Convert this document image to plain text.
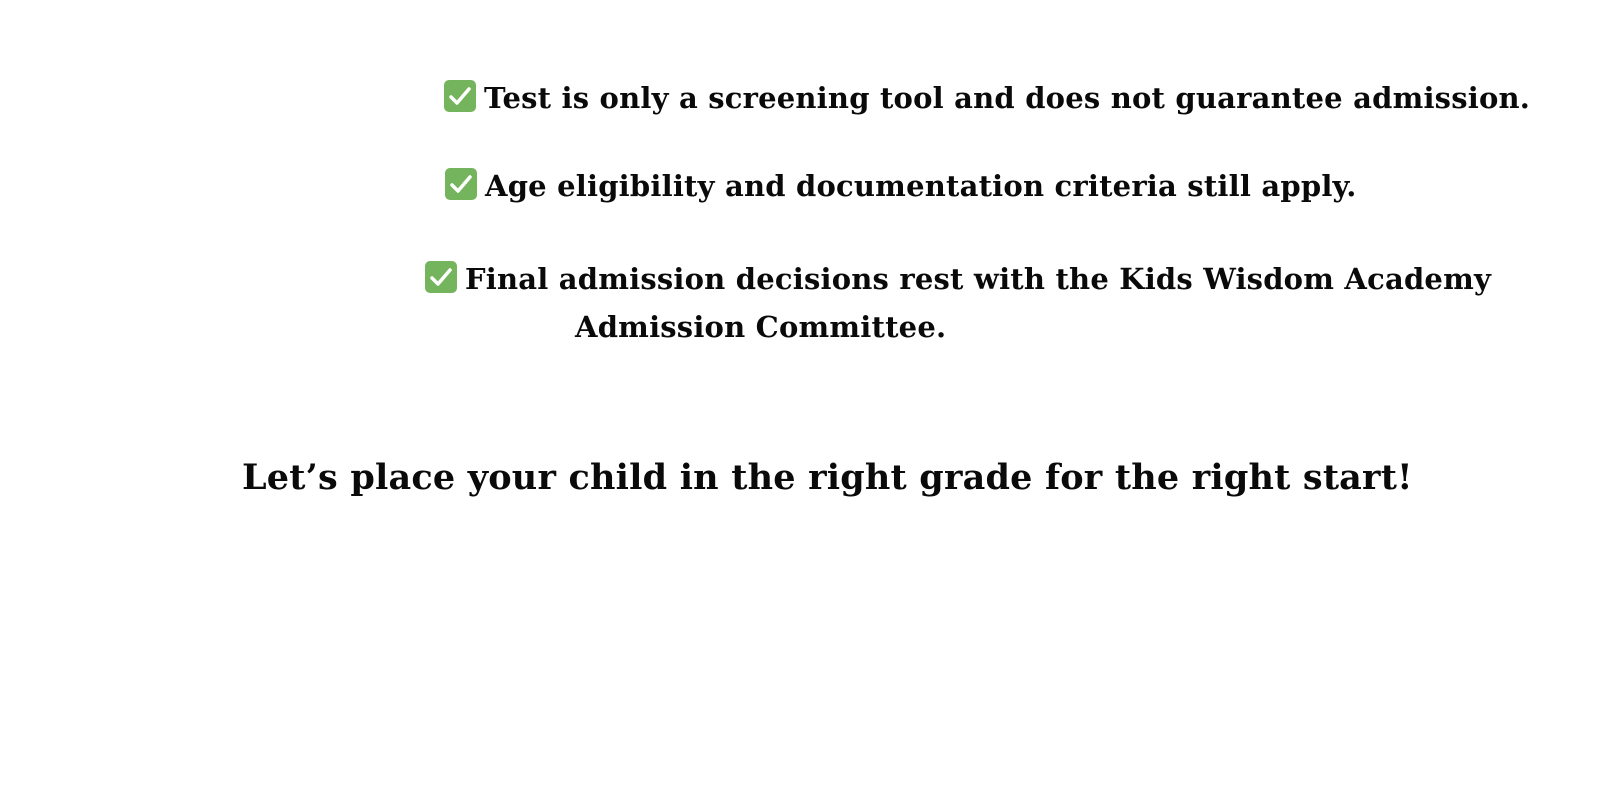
Test is only a screening tool and does not guarantee admission.
Age eligibility and documentation criteria still apply.
Final admission decisions rest with the Kids Wisdom Academy
Admission Committee.
Let’s place your child in the right grade for the right start!
